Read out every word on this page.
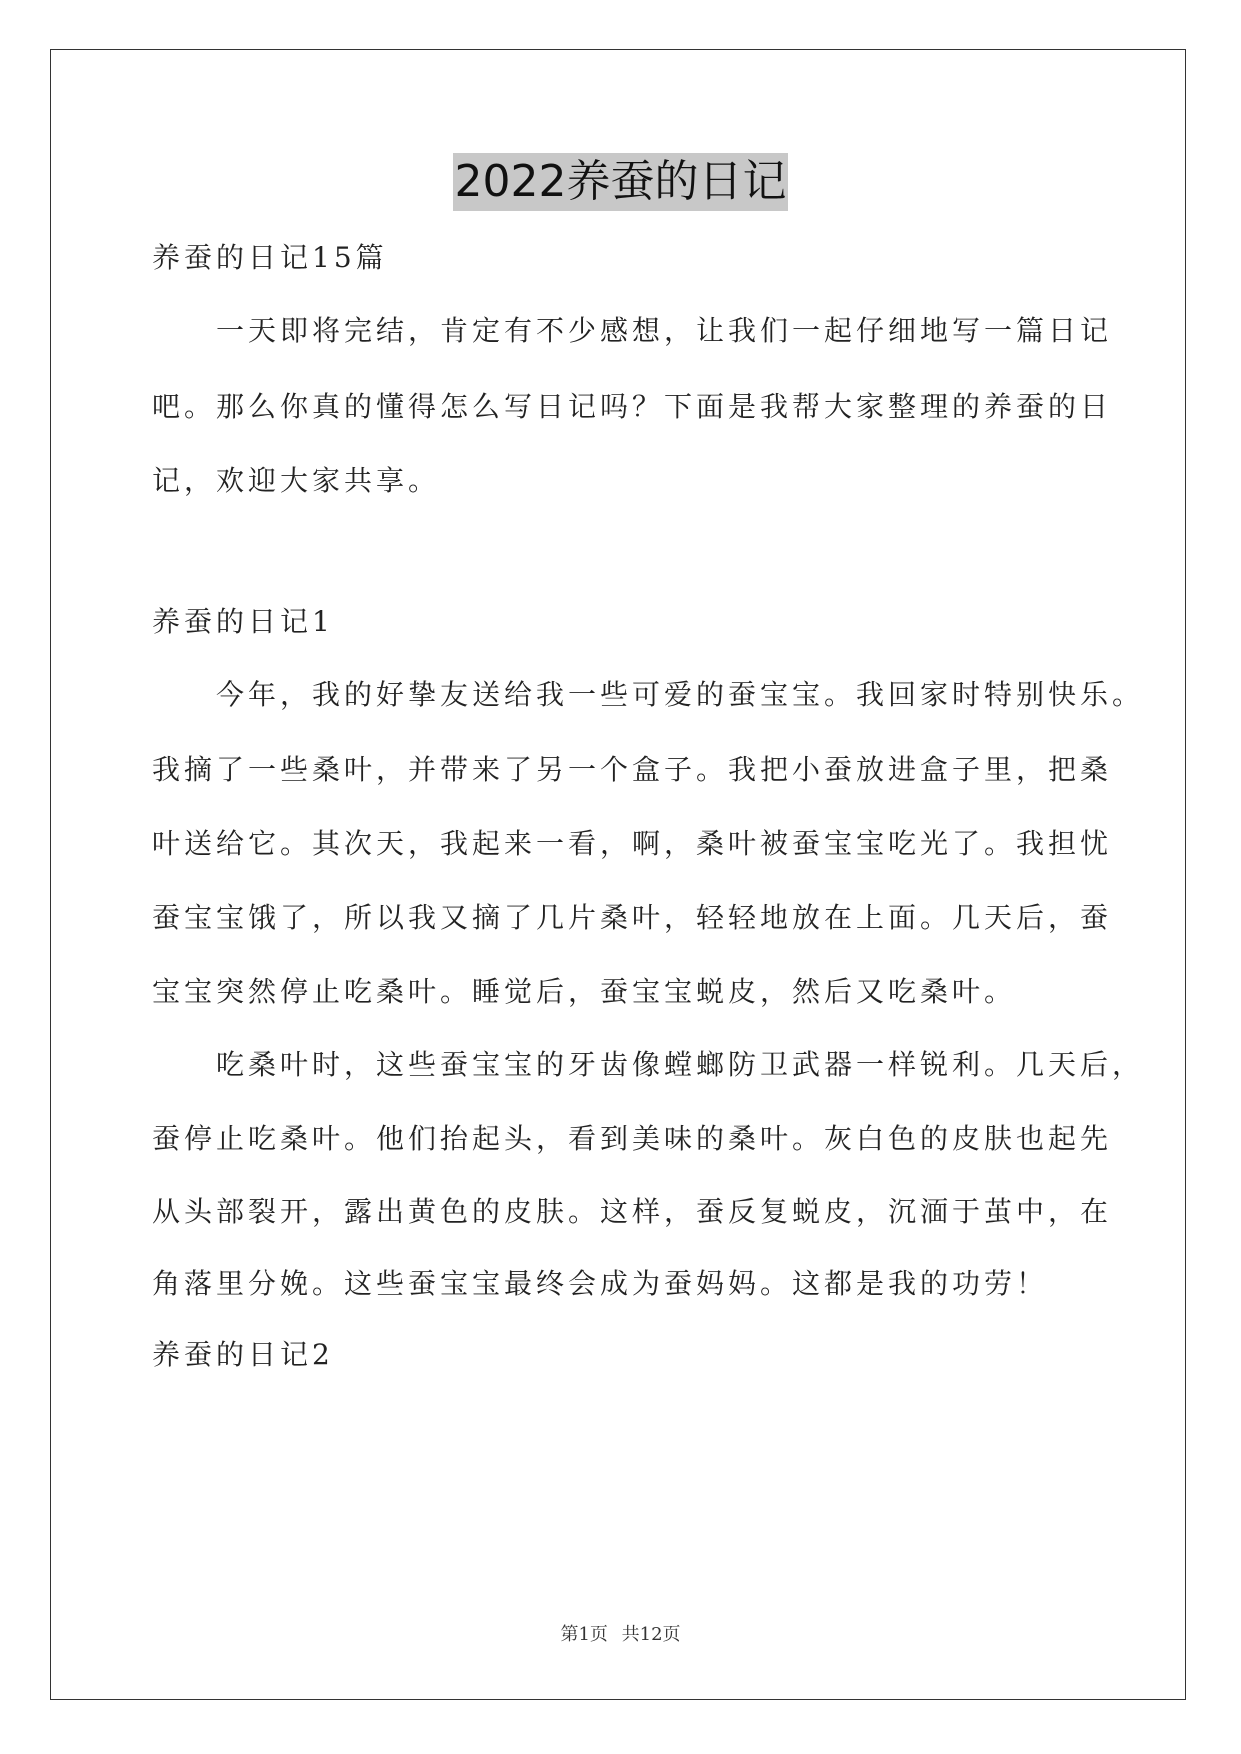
2022养蚕的日记
养蚕的日记15篇
一天即将完结，肯定有不少感想，让我们一起仔细地写一篇日记
吧。那么你真的懂得怎么写日记吗？下面是我帮大家整理的养蚕的日
记，欢迎大家共享。
养蚕的日记1
今年，我的好挚友送给我一些可爱的蚕宝宝。我回家时特别快乐。
我摘了一些桑叶，并带来了另一个盒子。我把小蚕放进盒子里，把桑
叶送给它。其次天，我起来一看，啊，桑叶被蚕宝宝吃光了。我担忧
蚕宝宝饿了，所以我又摘了几片桑叶，轻轻地放在上面。几天后，蚕
宝宝突然停止吃桑叶。睡觉后，蚕宝宝蜕皮，然后又吃桑叶。
吃桑叶时，这些蚕宝宝的牙齿像螳螂防卫武器一样锐利。几天后，
蚕停止吃桑叶。他们抬起头，看到美味的桑叶。灰白色的皮肤也起先
从头部裂开，露出黄色的皮肤。这样，蚕反复蜕皮，沉湎于茧中，在
角落里分娩。这些蚕宝宝最终会成为蚕妈妈。这都是我的功劳！
养蚕的日记2
第1页 共12页
